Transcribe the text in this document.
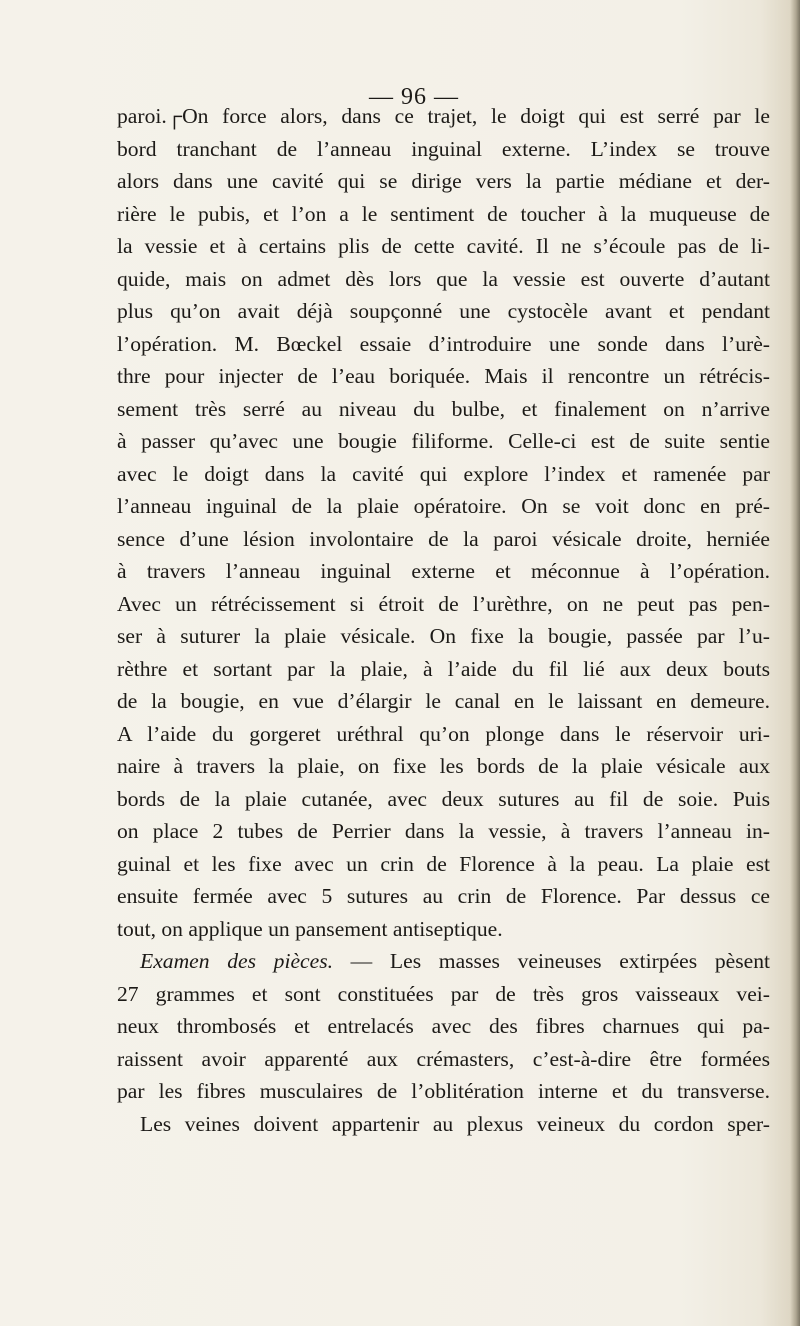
— 96 —

paroi.┌On force alors, dans ce trajet, le doigt qui est serré par le
bord tranchant de l’anneau inguinal externe. L’index se trouve
alors dans une cavité qui se dirige vers la partie médiane et der-
rière le pubis, et l’on a le sentiment de toucher à la muqueuse de
la vessie et à certains plis de cette cavité. Il ne s’écoule pas de li-
quide, mais on admet dès lors que la vessie est ouverte d’autant
plus qu’on avait déjà soupçonné une cystocèle avant et pendant
l’opération. M. Bœckel essaie d’introduire une sonde dans l’urè-
thre pour injecter de l’eau boriquée. Mais il rencontre un rétrécis-
sement très serré au niveau du bulbe, et finalement on n’arrive
à passer qu’avec une bougie filiforme. Celle-ci est de suite sentie
avec le doigt dans la cavité qui explore l’index et ramenée par
l’anneau inguinal de la plaie opératoire. On se voit donc en pré-
sence d’une lésion involontaire de la paroi vésicale droite, herniée
à travers l’anneau inguinal externe et méconnue à l’opération.
Avec un rétrécissement si étroit de l’urèthre, on ne peut pas pen-
ser à suturer la plaie vésicale. On fixe la bougie, passée par l’u-
rèthre et sortant par la plaie, à l’aide du fil lié aux deux bouts
de la bougie, en vue d’élargir le canal en le laissant en demeure.
A l’aide du gorgeret uréthral qu’on plonge dans le réservoir uri-
naire à travers la plaie, on fixe les bords de la plaie vésicale aux
bords de la plaie cutanée, avec deux sutures au fil de soie. Puis
on place 2 tubes de Perrier dans la vessie, à travers l’anneau in-
guinal et les fixe avec un crin de Florence à la peau. La plaie est
ensuite fermée avec 5 sutures au crin de Florence. Par dessus ce
tout, on applique un pansement antiseptique.
Examen des pièces. — Les masses veineuses extirpées pèsent
27 grammes et sont constituées par de très gros vaisseaux vei-
neux thrombosés et entrelacés avec des fibres charnues qui pa-
raissent avoir apparenté aux crémasters, c’est-à-dire être formées
par les fibres musculaires de l’oblitération interne et du transverse.
Les veines doivent appartenir au plexus veineux du cordon sper-
